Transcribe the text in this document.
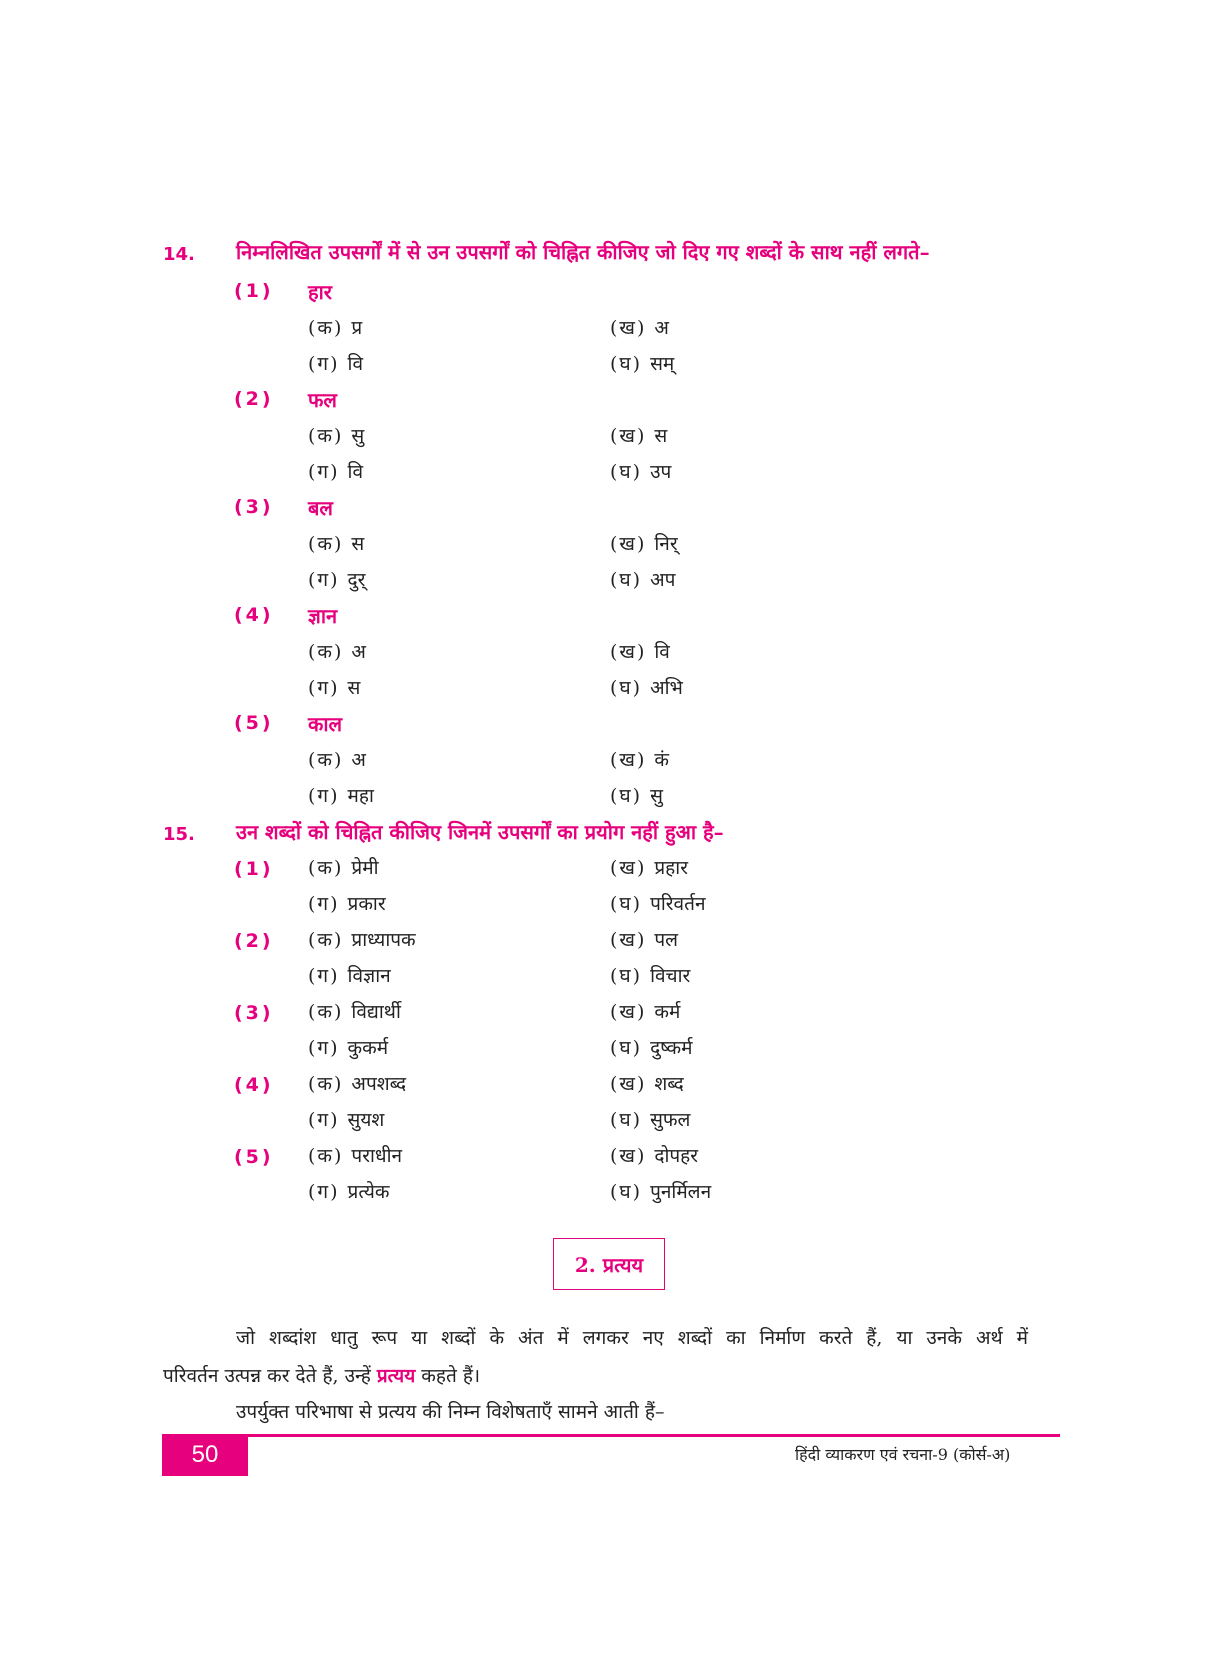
14. निम्नलिखित उपसर्गों में से उन उपसर्गों को चिह्नित कीजिए जो दिए गए शब्दों के साथ नहीं लगते–
(1) हार
(क) प्र	(ख) अ
(ग) वि	(घ) सम्
(2) फल
(क) सु	(ख) स
(ग) वि	(घ) उप
(3) बल
(क) स	(ख) निर्
(ग) दुर्	(घ) अप
(4) ज्ञान
(क) अ	(ख) वि
(ग) स	(घ) अभि
(5) काल
(क) अ	(ख) कं
(ग) महा	(घ) सु
15. उन शब्दों को चिह्नित कीजिए जिनमें उपसर्गों का प्रयोग नहीं हुआ है–
(1) (क) प्रेमी	(ख) प्रहार
(ग) प्रकार	(घ) परिवर्तन
(2) (क) प्राध्यापक	(ख) पल
(ग) विज्ञान	(घ) विचार
(3) (क) विद्यार्थी	(ख) कर्म
(ग) कुकर्म	(घ) दुष्कर्म
(4) (क) अपशब्द	(ख) शब्द
(ग) सुयश	(घ) सुफल
(5) (क) पराधीन	(ख) दोपहर
(ग) प्रत्येक	(घ) पुनर्मिलन
2. प्रत्यय
जो शब्दांश धातु रूप या शब्दों के अंत में लगकर नए शब्दों का निर्माण करते हैं, या उनके अर्थ में
परिवर्तन उत्पन्न कर देते हैं, उन्हें प्रत्यय कहते हैं।
उपर्युक्त परिभाषा से प्रत्यय की निम्न विशेषताएँ सामने आती हैं–
50	हिंदी व्याकरण एवं रचना-9 (कोर्स-अ)
